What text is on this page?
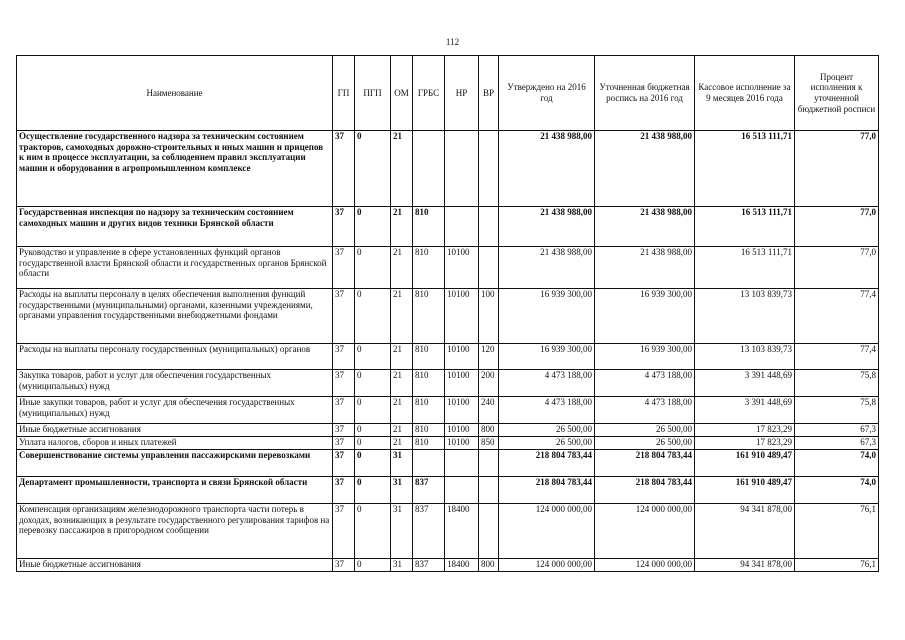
112
Наименование	ГП	ПГП	ОМ	ГРБС	НР	ВР	Утверждено на 2016 год	Уточненная бюджетная роспись на 2016 год	Кассовое исполнение за 9 месяцев 2016 года	Процент исполнения к уточненной бюджетной росписи
Осуществление государственного надзора за техническим состоянием тракторов, самоходных дорожно-строительных и иных машин и прицепов к ним в процессе эксплуатации, за соблюдением правил эксплуатации машин и оборудования в агропромышленном комплексе	37	0	21				21 438 988,00	21 438 988,00	16 513 111,71	77,0
Государственная инспекция по надзору за техническим состоянием самоходных машин и других видов техники Брянской области	37	0	21	810			21 438 988,00	21 438 988,00	16 513 111,71	77,0
Руководство и управление в сфере установленных функций органов государственной власти Брянской области и государственных органов Брянской области	37	0	21	810	10100		21 438 988,00	21 438 988,00	16 513 111,71	77,0
Расходы на выплаты персоналу в целях обеспечения выполнения функций государственными (муниципальными) органами, казенными учреждениями, органами управления государственными внебюджетными фондами	37	0	21	810	10100	100	16 939 300,00	16 939 300,00	13 103 839,73	77,4
Расходы на выплаты персоналу государственных (муниципальных) органов	37	0	21	810	10100	120	16 939 300,00	16 939 300,00	13 103 839,73	77,4
Закупка товаров, работ и услуг для обеспечения государственных (муниципальных) нужд	37	0	21	810	10100	200	4 473 188,00	4 473 188,00	3 391 448,69	75,8
Иные закупки товаров, работ и услуг для обеспечения государственных (муниципальных) нужд	37	0	21	810	10100	240	4 473 188,00	4 473 188,00	3 391 448,69	75,8
Иные бюджетные ассигнования	37	0	21	810	10100	800	26 500,00	26 500,00	17 823,29	67,3
Уплата налогов, сборов и иных платежей	37	0	21	810	10100	850	26 500,00	26 500,00	17 823,29	67,3
Совершенствование системы управления пассажирскими перевозками	37	0	31				218 804 783,44	218 804 783,44	161 910 489,47	74,0
Департамент промышленности, транспорта и связи Брянской области	37	0	31	837			218 804 783,44	218 804 783,44	161 910 489,47	74,0
Компенсация организациям железнодорожного транспорта части потерь в доходах, возникающих в результате государственного регулирования тарифов на перевозку пассажиров в пригородном сообщении	37	0	31	837	18400		124 000 000,00	124 000 000,00	94 341 878,00	76,1
Иные бюджетные ассигнования	37	0	31	837	18400	800	124 000 000,00	124 000 000,00	94 341 878,00	76,1
